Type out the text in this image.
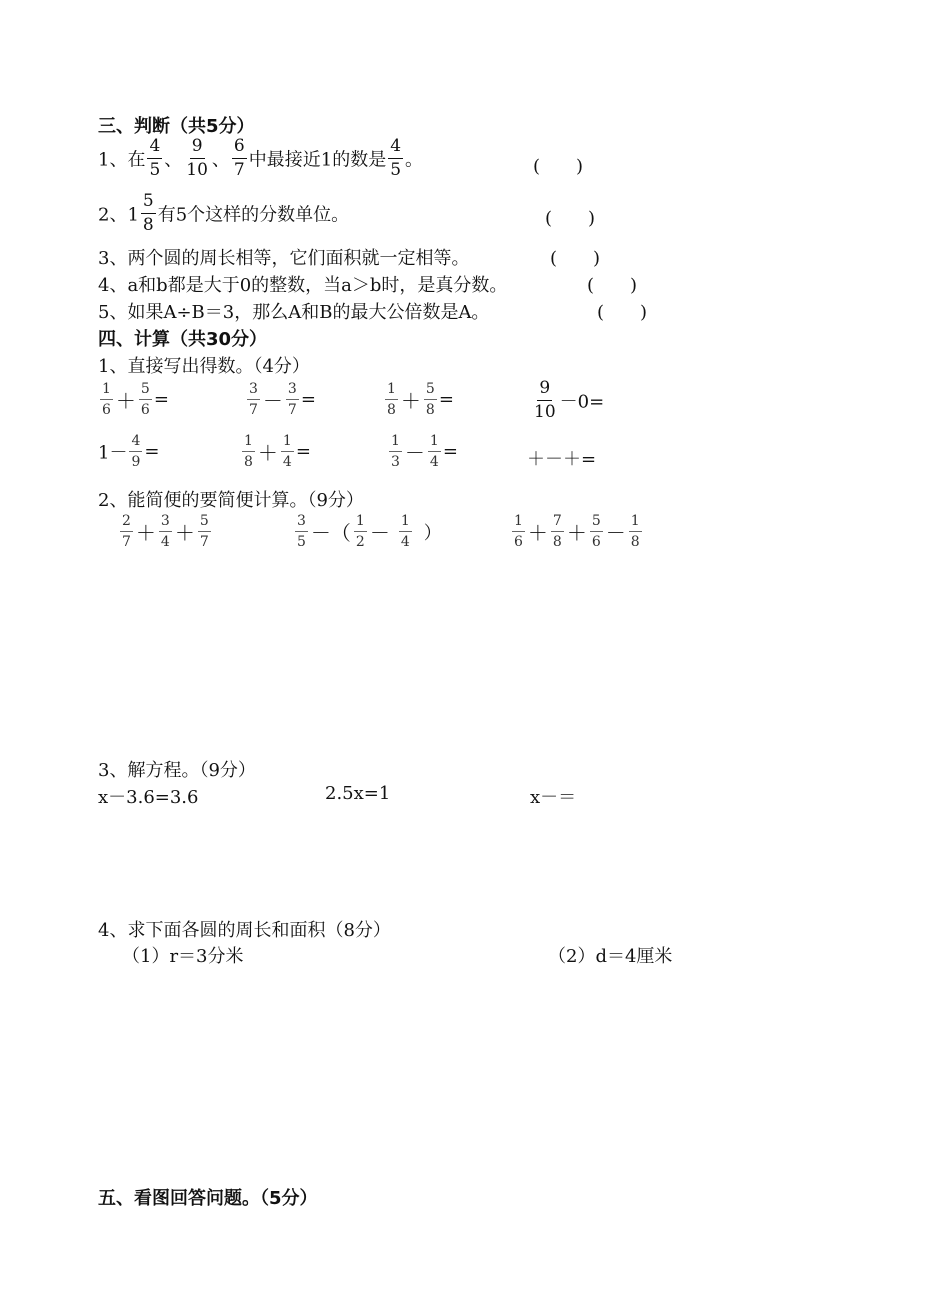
三、判断（共5分）
1、在 $\frac{4}{5}$ 、 $\frac{9}{10}$ 、 $\frac{6}{7}$ 中最接近1的数是 $\frac{4}{5}$ 。	(　　)
2、$1 \frac{5}{8}$ 有5个这样的分数单位。	(　　)
3、两个圆的周长相等，它们面积就一定相等。	(　　)
4、a和b都是大于0的整数，当a＞b时，是真分数。	(　　)
5、如果A÷B＝3，那么A和B的最大公倍数是A。	(　　)
四、计算（共30分）
1、直接写出得数。（4分）
$\frac{1}{6} + \frac{5}{6}$ =	$\frac{3}{7} - \frac{3}{7}$ =	$\frac{1}{8} + \frac{5}{8}$ =	$\frac{9}{10} -0=$
$1- \frac{4}{9}$ =	$\frac{1}{8} + \frac{1}{4}$ =	$\frac{1}{3} - \frac{1}{4}$ =	＋－＋=
2、能简便的要简便计算。（9分）
$\frac{2}{7} + \frac{3}{4} + \frac{5}{7}$	$\frac{3}{5}$ －（ $\frac{1}{2} - \frac{1}{4}$ ）	$\frac{1}{6} + \frac{7}{8} + \frac{5}{6} - \frac{1}{8}$
3、解方程。（9分）
x－3.6=3.6	2.5x=1	x－＝
4、求下面各圆的周长和面积（8分）
（1）r＝3分米	（2）d＝4厘米
五、看图回答问题。（5分）
